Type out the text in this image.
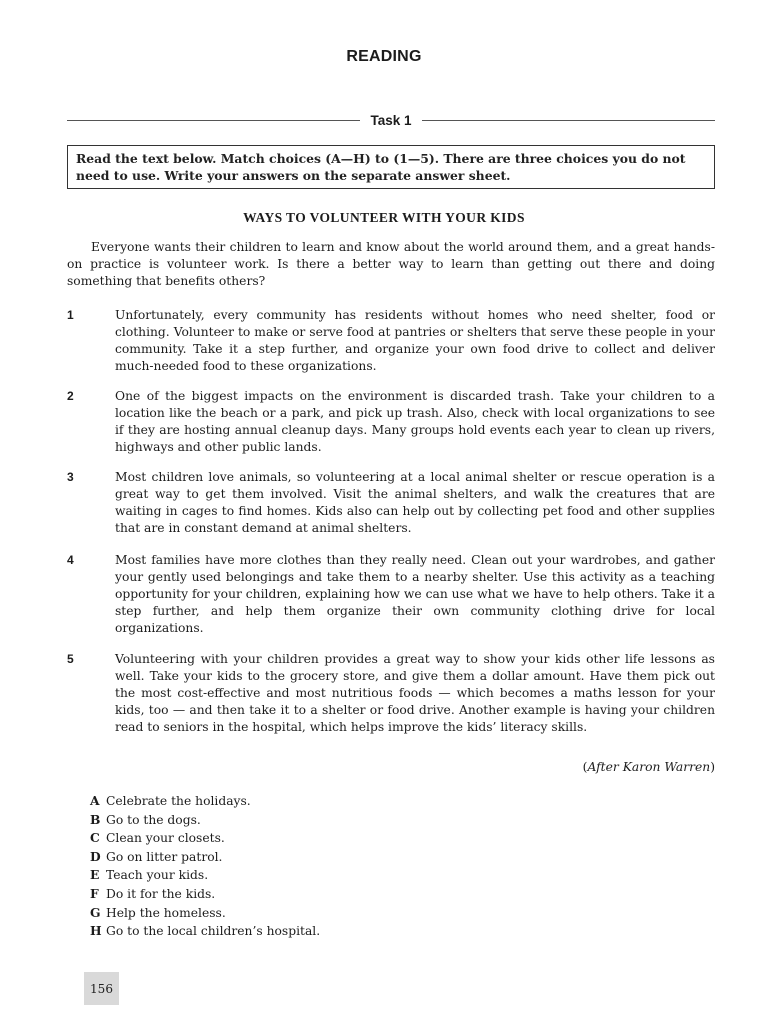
READING
Task 1
Read the text below. Match choices (A—H) to (1—5). There are three choices you do not need to use. Write your answers on the separate answer sheet.
WAYS TO VOLUNTEER WITH YOUR KIDS

Everyone wants their children to learn and know about the world around them, and a great hands-on practice is volunteer work. Is there a better way to learn than getting out there and doing something that benefits others?

1	Unfortunately, every community has residents without homes who need shelter, food or clothing. Volunteer to make or serve food at pantries or shelters that serve these people in your community. Take it a step further, and organize your own food drive to collect and deliver much-needed food to these organizations.
2	One of the biggest impacts on the environment is discarded trash. Take your children to a location like the beach or a park, and pick up trash. Also, check with local organizations to see if they are hosting annual cleanup days. Many groups hold events each year to clean up rivers, highways and other public lands.
3	Most children love animals, so volunteering at a local animal shelter or rescue operation is a great way to get them involved. Visit the animal shelters, and walk the creatures that are waiting in cages to find homes. Kids also can help out by collecting pet food and other supplies that are in constant demand at animal shelters.
4	Most families have more clothes than they really need. Clean out your wardrobes, and gather your gently used belongings and take them to a nearby shelter. Use this activity as a teaching opportunity for your children, explaining how we can use what we have to help others. Take it a step further, and help them organize their own community clothing drive for local organizations.
5	Volunteering with your children provides a great way to show your kids other life lessons as well. Take your kids to the grocery store, and give them a dollar amount. Have them pick out the most cost-effective and most nutritious foods — which becomes a maths lesson for your kids, too — and then take it to a shelter or food drive. Another example is having your children read to seniors in the hospital, which helps improve the kids’ literacy skills.
(After Karon Warren)
A Celebrate the holidays.
B Go to the dogs.
C Clean your closets.
D Go on litter patrol.
E Teach your kids.
F Do it for the kids.
G Help the homeless.
H Go to the local children’s hospital.
156
